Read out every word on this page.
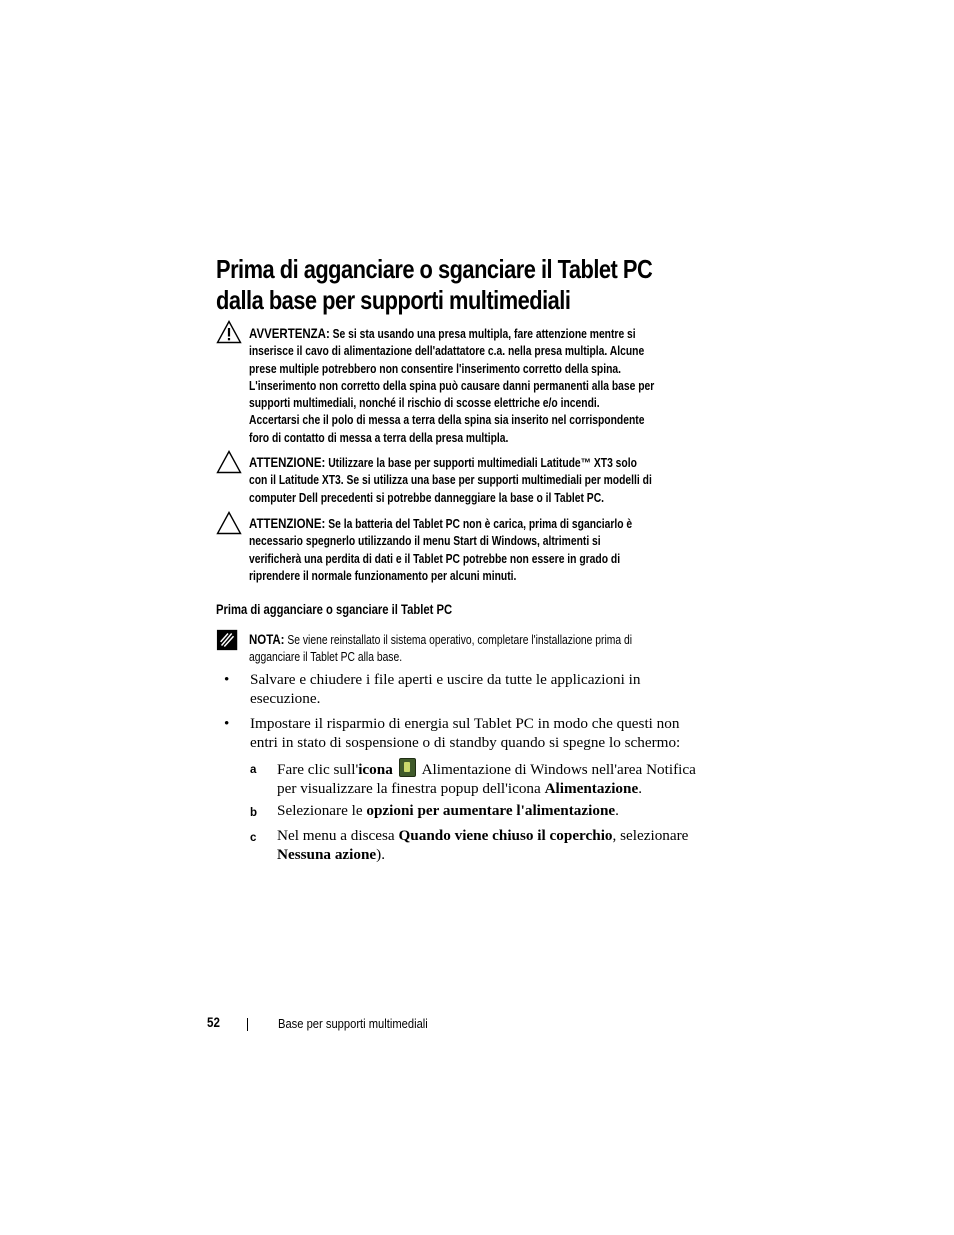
Prima di agganciare o sganciare il Tablet PC
dalla base per supporti multimediali
AVVERTENZA: Se si sta usando una presa multipla, fare attenzione mentre si
inserisce il cavo di alimentazione dell'adattatore c.a. nella presa multipla. Alcune
prese multiple potrebbero non consentire l'inserimento corretto della spina.
L'inserimento non corretto della spina può causare danni permanenti alla base per
supporti multimediali, nonché il rischio di scosse elettriche e/o incendi.
Accertarsi che il polo di messa a terra della spina sia inserito nel corrispondente
foro di contatto di messa a terra della presa multipla.
ATTENZIONE: Utilizzare la base per supporti multimediali Latitude™ XT3 solo
con il Latitude XT3. Se si utilizza una base per supporti multimediali per modelli di
computer Dell precedenti si potrebbe danneggiare la base o il Tablet PC.
ATTENZIONE: Se la batteria del Tablet PC non è carica, prima di sganciarlo è
necessario spegnerlo utilizzando il menu Start di Windows, altrimenti si
verificherà una perdita di dati e il Tablet PC potrebbe non essere in grado di
riprendere il normale funzionamento per alcuni minuti.
Prima di agganciare o sganciare il Tablet PC
NOTA: Se viene reinstallato il sistema operativo, completare l'installazione prima di
agganciare il Tablet PC alla base.
• Salvare e chiudere i file aperti e uscire da tutte le applicazioni in
esecuzione.
• Impostare il risparmio di energia sul Tablet PC in modo che questi non
entri in stato di sospensione o di standby quando si spegne lo schermo:
a Fare clic sull'icona Alimentazione di Windows nell'area Notifica
per visualizzare la finestra popup dell'icona Alimentazione.
b Selezionare le opzioni per aumentare l'alimentazione.
c Nel menu a discesa Quando viene chiuso il coperchio, selezionare
Nessuna azione).
52	Base per supporti multimediali
